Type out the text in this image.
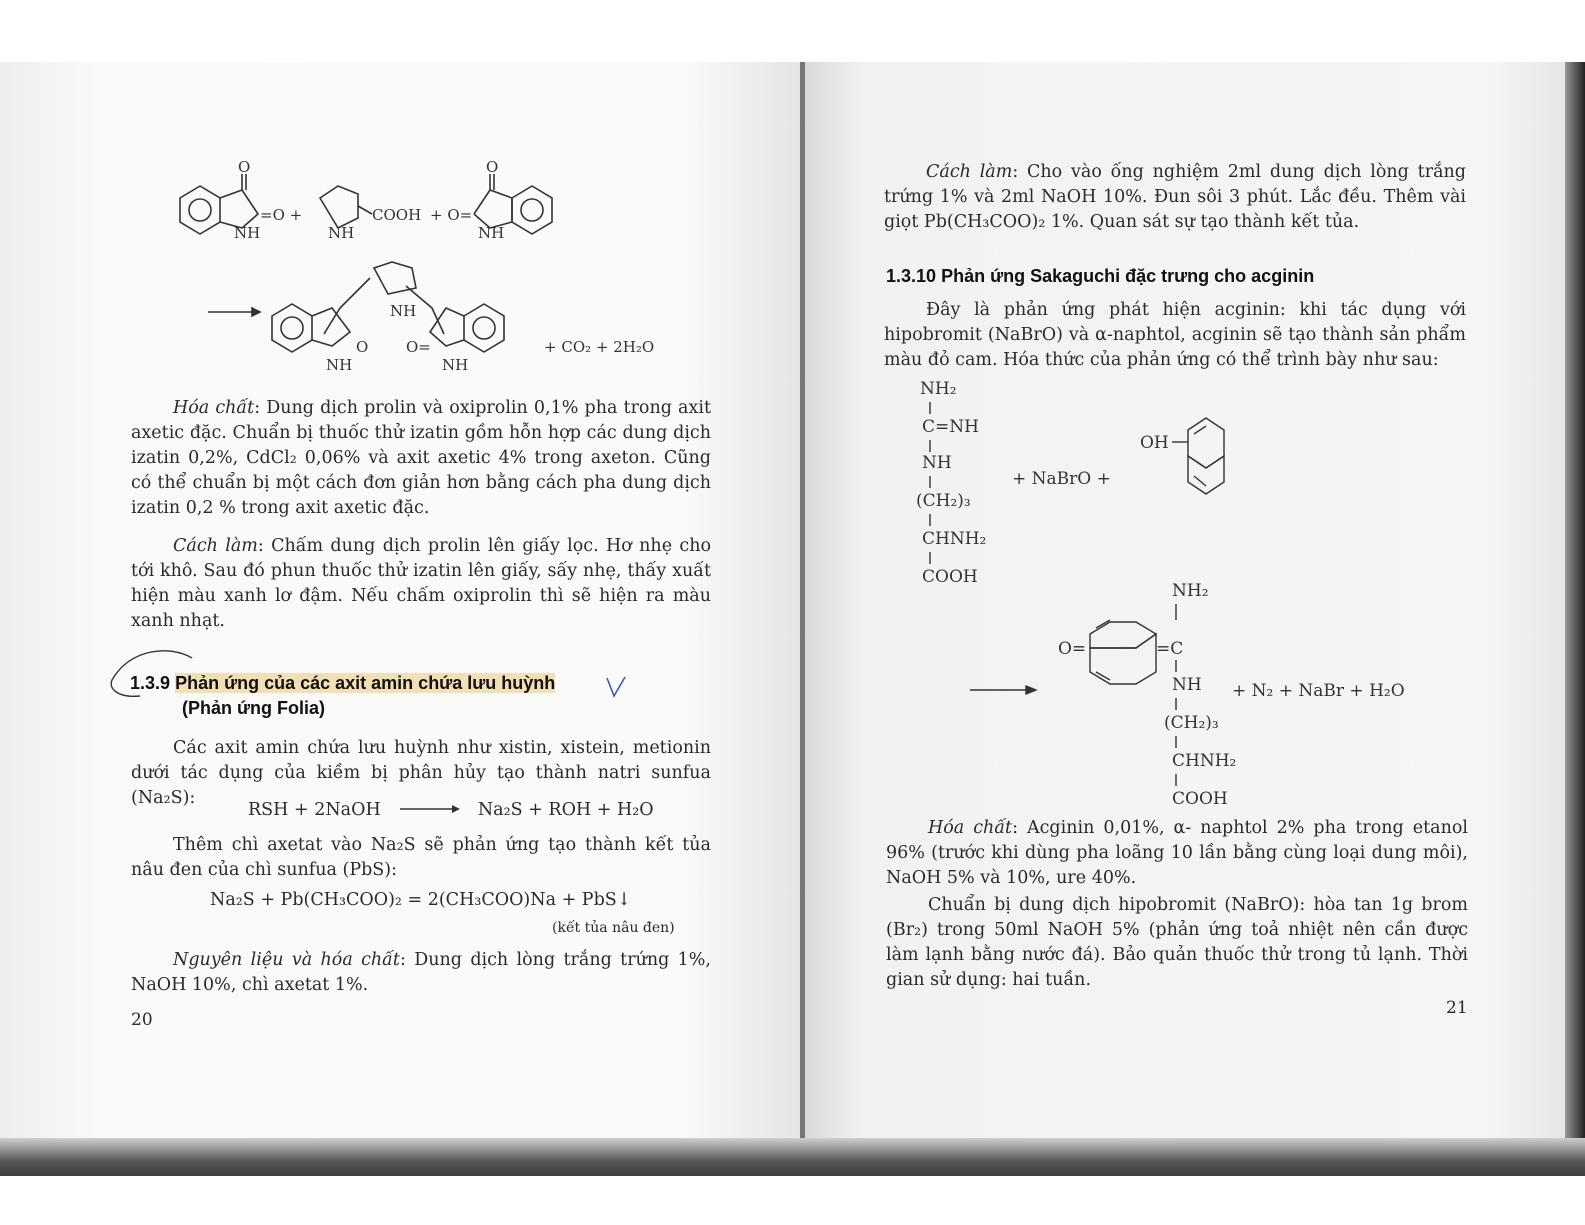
O
=O +
NH
COOH
NH
+ O=
O
NH
NH
O	O=
NH	NH
+ CO₂ + 2H₂O
Hóa chất: Dung dịch prolin và oxiprolin 0,1% pha trong axit axetic đặc. Chuẩn bị thuốc thử izatin gồm hỗn hợp các dung dịch izatin 0,2%, CdCl₂ 0,06% và axit axetic 4% trong axeton. Cũng có thể chuẩn bị một cách đơn giản hơn bằng cách pha dung dịch izatin 0,2 % trong axit axetic đặc.
Cách làm: Chấm dung dịch prolin lên giấy lọc. Hơ nhẹ cho tới khô. Sau đó phun thuốc thử izatin lên giấy, sấy nhẹ, thấy xuất hiện màu xanh lơ đậm. Nếu chấm oxiprolin thì sẽ hiện ra màu xanh nhạt.
1.3.9 Phản ứng của các axit amin chứa lưu huỳnh
(Phản ứng Folia)
Các axit amin chứa lưu huỳnh như xistin, xistein, metionin dưới tác dụng của kiềm bị phân hủy tạo thành natri sunfua (Na₂S):
RSH + 2NaOH	Na₂S + ROH + H₂O
Thêm chì axetat vào Na₂S sẽ phản ứng tạo thành kết tủa nâu đen của chì sunfua (PbS):
Na₂S + Pb(CH₃COO)₂ = 2(CH₃COO)Na + PbS↓
(kết tủa nâu đen)
Nguyên liệu và hóa chất: Dung dịch lòng trắng trứng 1%, NaOH 10%, chì axetat 1%.
20
Cách làm: Cho vào ống nghiệm 2ml dung dịch lòng trắng trứng 1% và 2ml NaOH 10%. Đun sôi 3 phút. Lắc đều. Thêm vài giọt Pb(CH₃COO)₂ 1%. Quan sát sự tạo thành kết tủa.
1.3.10 Phản ứng Sakaguchi đặc trưng cho acginin
Đây là phản ứng phát hiện acginin: khi tác dụng với hipobromit (NaBrO) và α-naphtol, acginin sẽ tạo thành sản phẩm màu đỏ cam. Hóa thức của phản ứng có thể trình bày như sau:
NH₂
C=NH
NH
(CH₂)₃
CHNH₂
COOH
+ NaBrO +
OH
O=
NH₂
=C
NH
(CH₂)₃
CHNH₂
COOH
+ N₂ + NaBr + H₂O
Hóa chất: Acginin 0,01%, α- naphtol 2% pha trong etanol 96% (trước khi dùng pha loãng 10 lần bằng cùng loại dung môi), NaOH 5% và 10%, ure 40%.
Chuẩn bị dung dịch hipobromit (NaBrO): hòa tan 1g brom (Br₂) trong 50ml NaOH 5% (phản ứng toả nhiệt nên cần được làm lạnh bằng nước đá). Bảo quản thuốc thử trong tủ lạnh. Thời gian sử dụng: hai tuần.
21
